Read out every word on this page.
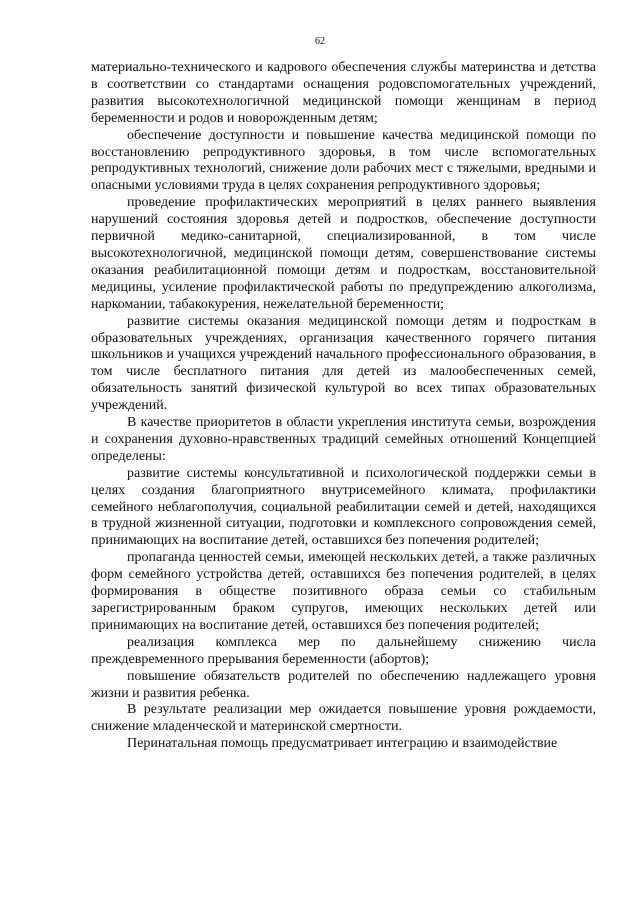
62

материально-технического и кадрового обеспечения службы материнства и детства в соответствии со стандартами оснащения родовспомогательных учреждений, развития высокотехнологичной медицинской помощи женщинам в период беременности и родов и новорожденным детям;

обеспечение доступности и повышение качества медицинской помощи по восстановлению репродуктивного здоровья, в том числе вспомогательных репродуктивных технологий, снижение доли рабочих мест с тяжелыми, вредными и опасными условиями труда в целях сохранения репродуктивного здоровья;

проведение профилактических мероприятий в целях раннего выявления нарушений состояния здоровья детей и подростков, обеспечение доступности первичной медико-санитарной, специализированной, в том числе высокотехнологичной, медицинской помощи детям, совершенствование системы оказания реабилитационной помощи детям и подросткам, восстановительной медицины, усиление профилактической работы по предупреждению алкоголизма, наркомании, табакокурения, нежелательной беременности;

развитие системы оказания медицинской помощи детям и подросткам в образовательных учреждениях, организация качественного горячего питания школьников и учащихся учреждений начального профессионального образования, в том числе бесплатного питания для детей из малообеспеченных семей, обязательность занятий физической культурой во всех типах образовательных учреждений.

В качестве приоритетов в области укрепления института семьи, возрождения и сохранения духовно-нравственных традиций семейных отношений Концепцией определены:

развитие системы консультативной и психологической поддержки семьи в целях создания благоприятного внутрисемейного климата, профилактики семейного неблагополучия, социальной реабилитации семей и детей, находящихся в трудной жизненной ситуации, подготовки и комплексного сопровождения семей, принимающих на воспитание детей, оставшихся без попечения родителей;

пропаганда ценностей семьи, имеющей нескольких детей, а также различных форм семейного устройства детей, оставшихся без попечения родителей, в целях формирования в обществе позитивного образа семьи со стабильным зарегистрированным браком супругов, имеющих нескольких детей или принимающих на воспитание детей, оставшихся без попечения родителей;

реализация комплекса мер по дальнейшему снижению числа преждевременного прерывания беременности (абортов);

повышение обязательств родителей по обеспечению надлежащего уровня жизни и развития ребенка.

В результате реализации мер ожидается повышение уровня рождаемости, снижение младенческой и материнской смертности.

Перинатальная помощь предусматривает интеграцию и взаимодействие
